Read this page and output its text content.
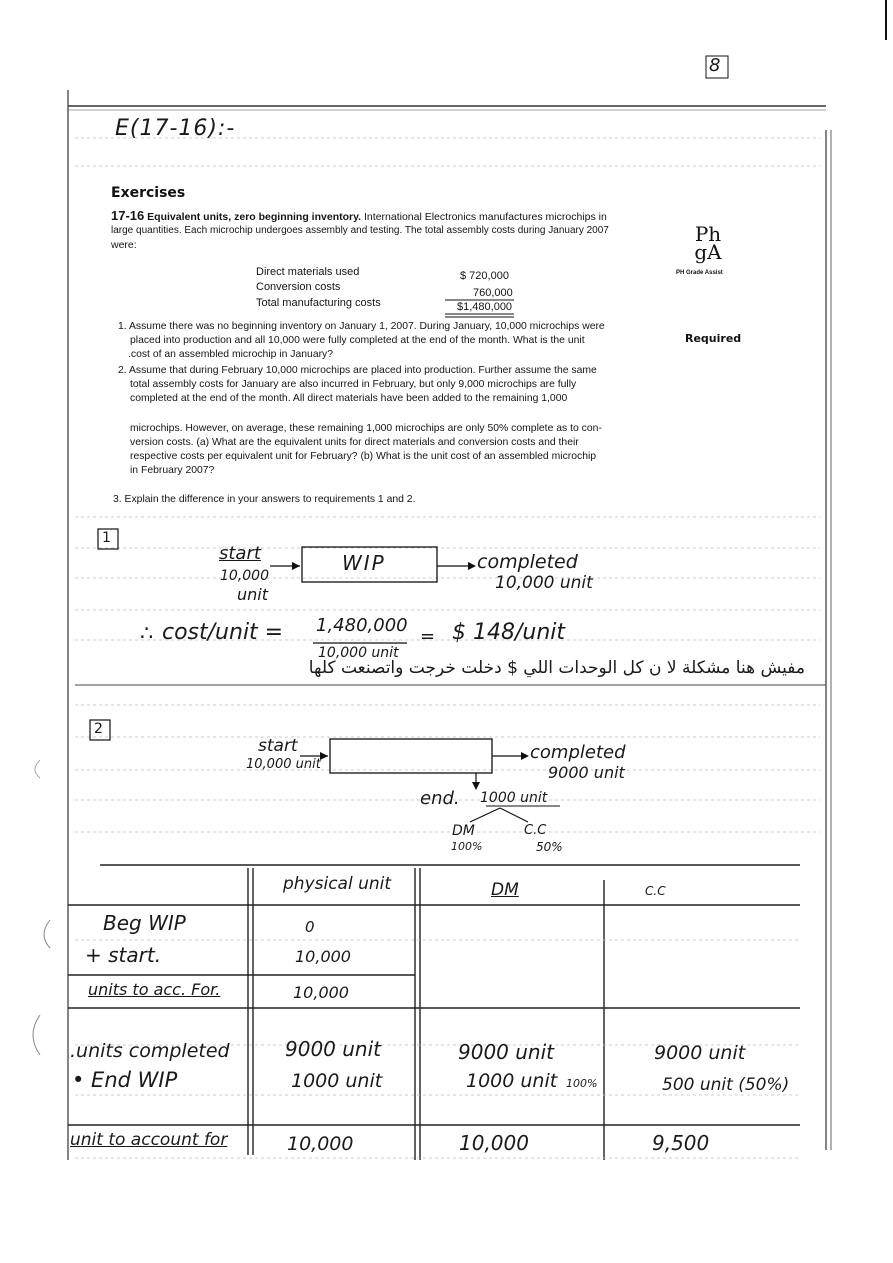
8
E(17-16):-
Exercises
17-16 Equivalent units, zero beginning inventory. International Electronics manufactures microchips in
large quantities. Each microchip undergoes assembly and testing. The total assembly costs during January 2007
were:	Ph gA
PH Grade Assist
Direct materials used	$ 720,000
Conversion costs	760,000
Total manufacturing costs	$1,480,000
Required
1. Assume there was no beginning inventory on January 1, 2007. During January, 10,000 microchips were
placed into production and all 10,000 were fully completed at the end of the month. What is the unit
.cost of an assembled microchip in January?
2. Assume that during February 10,000 microchips are placed into production. Further assume the same
total assembly costs for January are also incurred in February, but only 9,000 microchips are fully
completed at the end of the month. All direct materials have been added to the remaining 1,000
microchips. However, on average, these remaining 1,000 microchips are only 50% complete as to con-
version costs. (a) What are the equivalent units for direct materials and conversion costs and their
respective costs per equivalent unit for February? (b) What is the unit cost of an assembled microchip
in February 2007?
3. Explain the difference in your answers to requirements 1 and 2.
1
start
10,000
unit
WIP	completed
10,000 unit
∴ cost/unit = 1,480,000
10,000 unit
= $ 148/unit
مفيش هنا مشكلة لا ن كل الوحدات اللي $ دخلت خرجت واتصنعت كلها
2
start
10,000 unit
completed
9000 unit
end. 1000 unit
DM
100%
C.C
50%
physical unit	DM	C.C
Beg WIP	0
+ start.	10,000
units to acc. For.	10,000
.units completed	9000 unit	9000 unit	9000 unit
• End WIP	1000 unit	1000 unit 100%	500 unit (50%)
unit to account for	10,000	10,000	9,500
